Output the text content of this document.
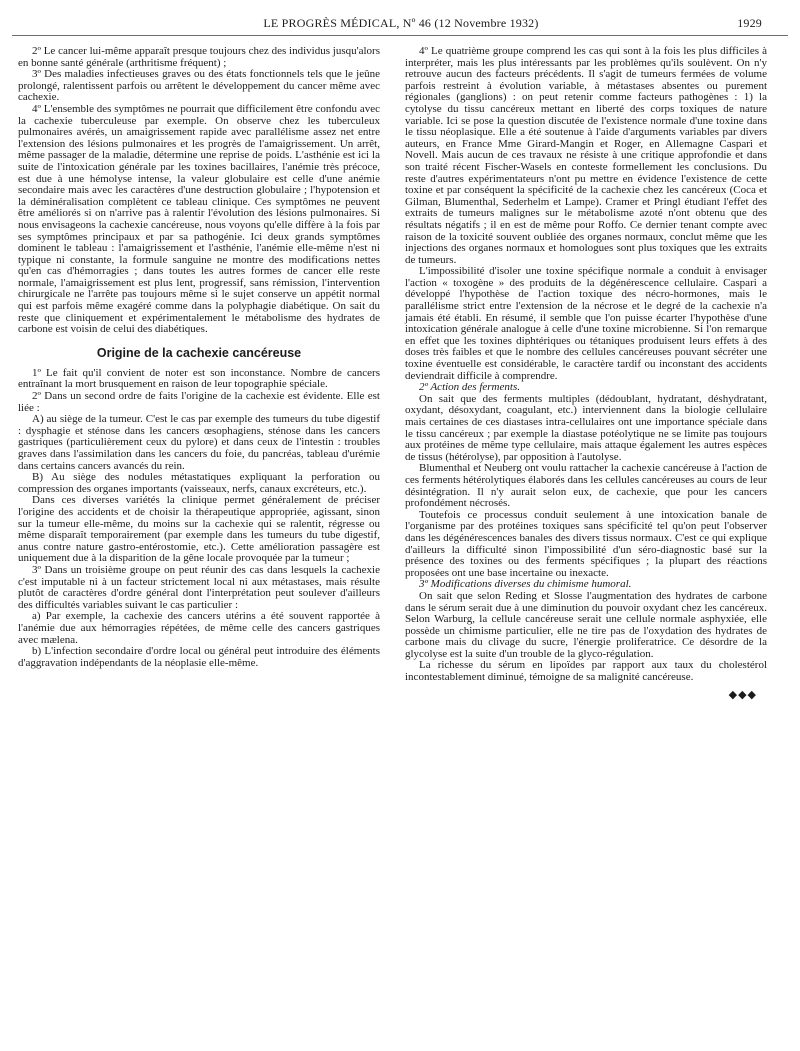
LE PROGRÈS MÉDICAL, Nº 46 (12 Novembre 1932)	1929

2º Le cancer lui-même apparaît presque toujours chez des individus jusqu'alors en bonne santé générale (arthritisme fréquent) ;

3º Des maladies infectieuses graves ou des états fonctionnels tels que le jeûne prolongé, ralentissent parfois ou arrêtent le développement du cancer même avec cachexie.

4º L'ensemble des symptômes ne pourrait que difficilement être confondu avec la cachexie tuberculeuse par exemple. On observe chez les tuberculeux pulmonaires avérés, un amaigrissement rapide avec parallélisme assez net entre l'extension des lésions pulmonaires et les progrès de l'amaigrissement. Un arrêt, même passager de la maladie, détermine une reprise de poids. L'asthénie est ici la suite de l'intoxication générale par les toxines bacillaires, l'anémie très précoce, est due à une hémolyse intense, la valeur globulaire est celle d'une anémie secondaire mais avec les caractères d'une destruction globulaire ; l'hypotension et la déminéralisation complètent ce tableau clinique. Ces symptômes ne peuvent être améliorés si on n'arrive pas à ralentir l'évolution des lésions pulmonaires. Si nous envisageons la cachexie cancéreuse, nous voyons qu'elle diffère à la fois par ses symptômes principaux et par sa pathogénie. Ici deux grands symptômes dominent le tableau : l'amaigrissement et l'asthénie, l'anémie elle-même n'est ni typique ni constante, la formule sanguine ne montre des modifications nettes qu'en cas d'hémorragies ; dans toutes les autres formes de cancer elle reste normale, l'amaigrissement est plus lent, progressif, sans rémission, l'intervention chirurgicale ne l'arrête pas toujours même si le sujet conserve un appétit normal qui est parfois même exagéré comme dans la polyphagie diabétique. On sait du reste que cliniquement et expérimentalement le métabolisme des hydrates de carbone est voisin de celui des diabétiques.

Origine de la cachexie cancéreuse

1º Le fait qu'il convient de noter est son inconstance. Nombre de cancers entraînant la mort brusquement en raison de leur topographie spéciale.

2º Dans un second ordre de faits l'origine de la cachexie est évidente. Elle est liée :

A) au siège de la tumeur. C'est le cas par exemple des tumeurs du tube digestif : dysphagie et sténose dans les cancers œsophagiens, sténose dans les cancers gastriques (particulièrement ceux du pylore) et dans ceux de l'intestin : troubles graves dans l'assimilation dans les cancers du foie, du pancréas, tableau d'urémie dans certains cancers avancés du rein.

B) Au siège des nodules métastatiques expliquant la perforation ou compression des organes importants (vaisseaux, nerfs, canaux excréteurs, etc.).

Dans ces diverses variétés la clinique permet généralement de préciser l'origine des accidents et de choisir la thérapeutique appropriée, agissant, sinon sur la tumeur elle-même, du moins sur la cachexie qui se ralentit, régresse ou même disparaît temporairement (par exemple dans les tumeurs du tube digestif, anus contre nature gastro-entérostomie, etc.). Cette amélioration passagère est uniquement due à la disparition de la gêne locale provoquée par la tumeur ;

3º Dans un troisième groupe on peut réunir des cas dans lesquels la cachexie c'est imputable ni à un facteur strictement local ni aux métastases, mais résulte plutôt de caractères d'ordre général dont l'interprétation peut soulever d'ailleurs des difficultés variables suivant le cas particulier :

a) Par exemple, la cachexie des cancers utérins a été souvent rapportée à l'anémie due aux hémorragies répétées, de même celle des cancers gastriques avec mælena.

b) L'infection secondaire d'ordre local ou général peut introduire des éléments d'aggravation indépendants de la néoplasie elle-même.

4º Le quatrième groupe comprend les cas qui sont à la fois les plus difficiles à interpréter, mais les plus intéressants par les problèmes qu'ils soulèvent. On n'y retrouve aucun des facteurs précédents. Il s'agit de tumeurs fermées de volume parfois restreint à évolution variable, à métastases absentes ou purement régionales (ganglions) : on peut retenir comme facteurs pathogènes : 1) la cytolyse du tissu cancéreux mettant en liberté des corps toxiques de nature variable. Ici se pose la question discutée de l'existence normale d'une toxine dans le tissu néoplasique. Elle a été soutenue à l'aide d'arguments variables par divers auteurs, en France Mme Girard-Mangin et Roger, en Allemagne Caspari et Novell. Mais aucun de ces travaux ne résiste à une critique approfondie et dans son traité récent Fischer-Wasels en conteste formellement les conclusions. Du reste d'autres expérimentateurs n'ont pu mettre en évidence l'existence de cette toxine et par conséquent la spécificité de la cachexie chez les cancéreux (Coca et Gilman, Blumenthal, Sederhelm et Lampe). Cramer et Pringl étudiant l'effet des extraits de tumeurs malignes sur le métabolisme azoté n'ont obtenu que des résultats négatifs ; il en est de même pour Roffo. Ce dernier tenant compte avec raison de la toxicité souvent oubliée des organes normaux, conclut même que les injections des organes normaux et homologues sont plus toxiques que les extraits de tumeurs.

L'impossibilité d'isoler une toxine spécifique normale a conduit à envisager l'action « toxogène » des produits de la dégénérescence cellulaire. Caspari a développé l'hypothèse de l'action toxique des nécro-hormones, mais le parallélisme strict entre l'extension de la nécrose et le degré de la cachexie n'a jamais été établi. En résumé, il semble que l'on puisse écarter l'hypothèse d'une intoxication générale analogue à celle d'une toxine microbienne. Si l'on remarque en effet que les toxines diphtériques ou tétaniques produisent leurs effets à des doses très faibles et que le nombre des cellules cancéreuses pouvant sécréter une toxine éventuelle est considérable, le caractère tardif ou inconstant des accidents deviendrait difficile à comprendre.

2º Action des ferments.

On sait que des ferments multiples (dédoublant, hydratant, déshydratant, oxydant, désoxydant, coagulant, etc.) interviennent dans la biologie cellulaire mais certaines de ces diastases intra-cellulaires ont une importance spéciale dans le tissu cancéreux ; par exemple la diastase potéolytique ne se limite pas toujours aux protéines de même type cellulaire, mais attaque également les autres espèces de tissus (hétérolyse), par opposition à l'autolyse.

Blumenthal et Neuberg ont voulu rattacher la cachexie cancéreuse à l'action de ces ferments hétérolytiques élaborés dans les cellules cancéreuses au cours de leur désintégration. Il n'y aurait selon eux, de cachexie, que pour les cancers profondément nécrosés.

Toutefois ce processus conduit seulement à une intoxication banale de l'organisme par des protéines toxiques sans spécificité tel qu'on peut l'observer dans les dégénérescences banales des divers tissus normaux. C'est ce qui explique d'ailleurs la difficulté sinon l'impossibilité d'un séro-diagnostic basé sur la présence des toxines ou des ferments spécifiques ; la plupart des réactions proposées ont une base incertaine ou inexacte.

3º Modifications diverses du chimisme humoral.

On sait que selon Reding et Slosse l'augmentation des hydrates de carbone dans le sérum serait due à une diminution du pouvoir oxydant chez les cancéreux. Selon Warburg, la cellule cancéreuse serait une cellule normale asphyxiée, elle possède un chimisme particulier, elle ne tire pas de l'oxydation des hydrates de carbone mais du clivage du sucre, l'énergie proliferatrice. Ce désordre de la glycolyse est la suite d'un trouble de la glyco-régulation.

La richesse du sérum en lipoïdes par rapport aux taux du cholestérol incontestablement diminué, témoigne de sa malignité cancéreuse.

◆◆◆
